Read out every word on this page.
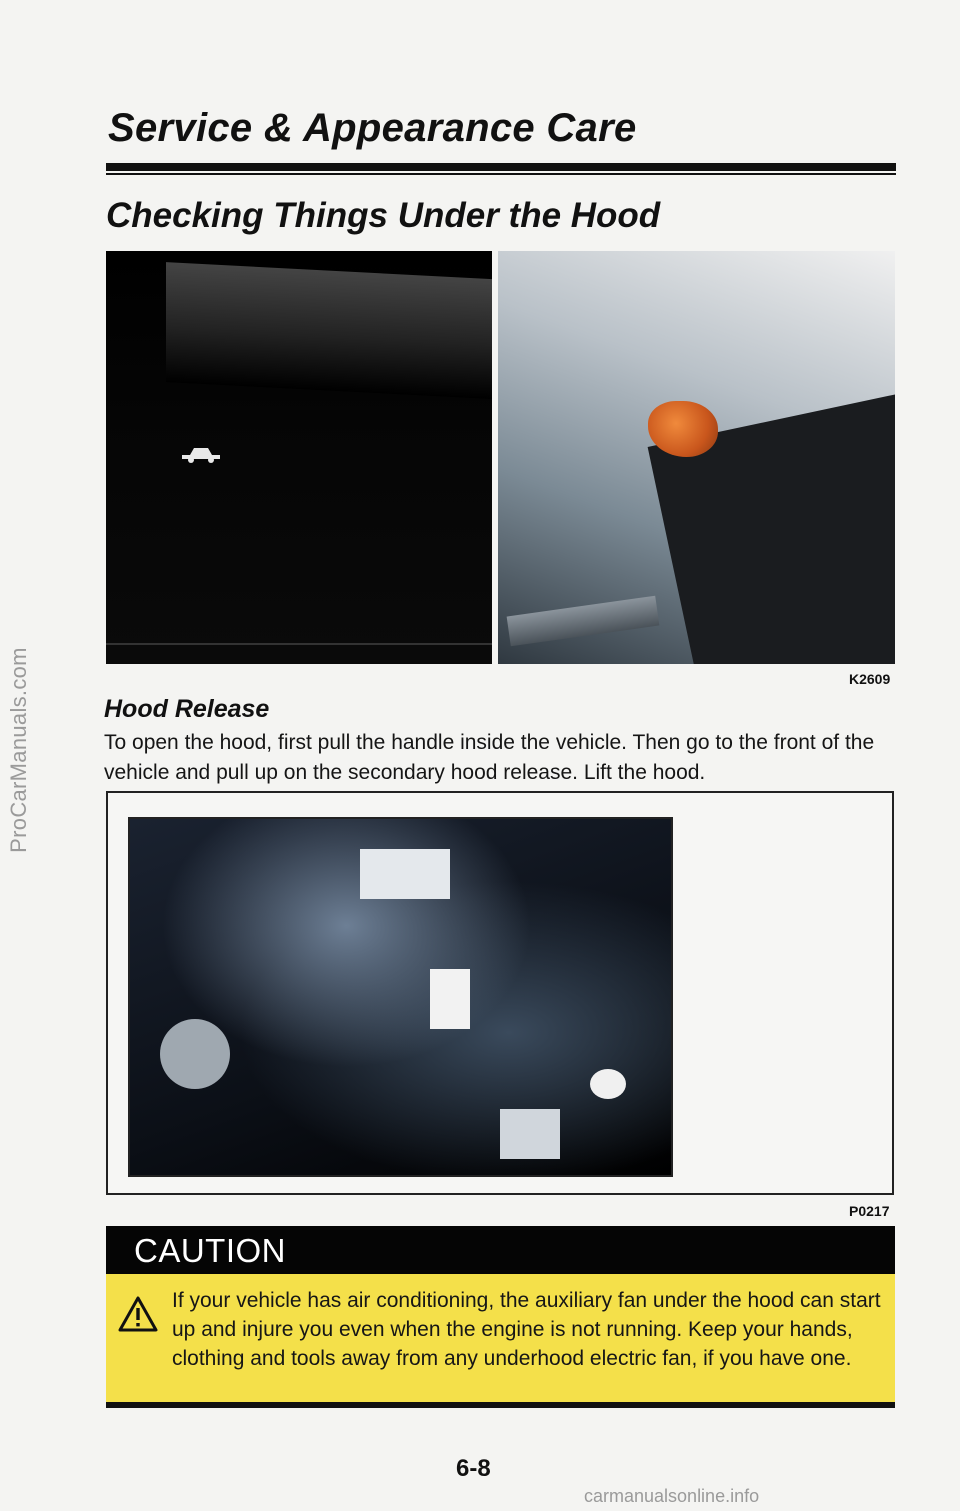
ProCarManuals.com
Service & Appearance Care
Checking Things Under the Hood
K2609
Hood Release
To open the hood, first pull the handle inside the vehicle. Then go to the front of the vehicle and pull up on the secondary hood release. Lift the hood.
P0217
CAUTION
If your vehicle has air conditioning, the auxiliary fan under the hood can start up and injure you even when the engine is not running. Keep your hands, clothing and tools away from any underhood electric fan, if you have one.
6-8
carmanualsonline.info
